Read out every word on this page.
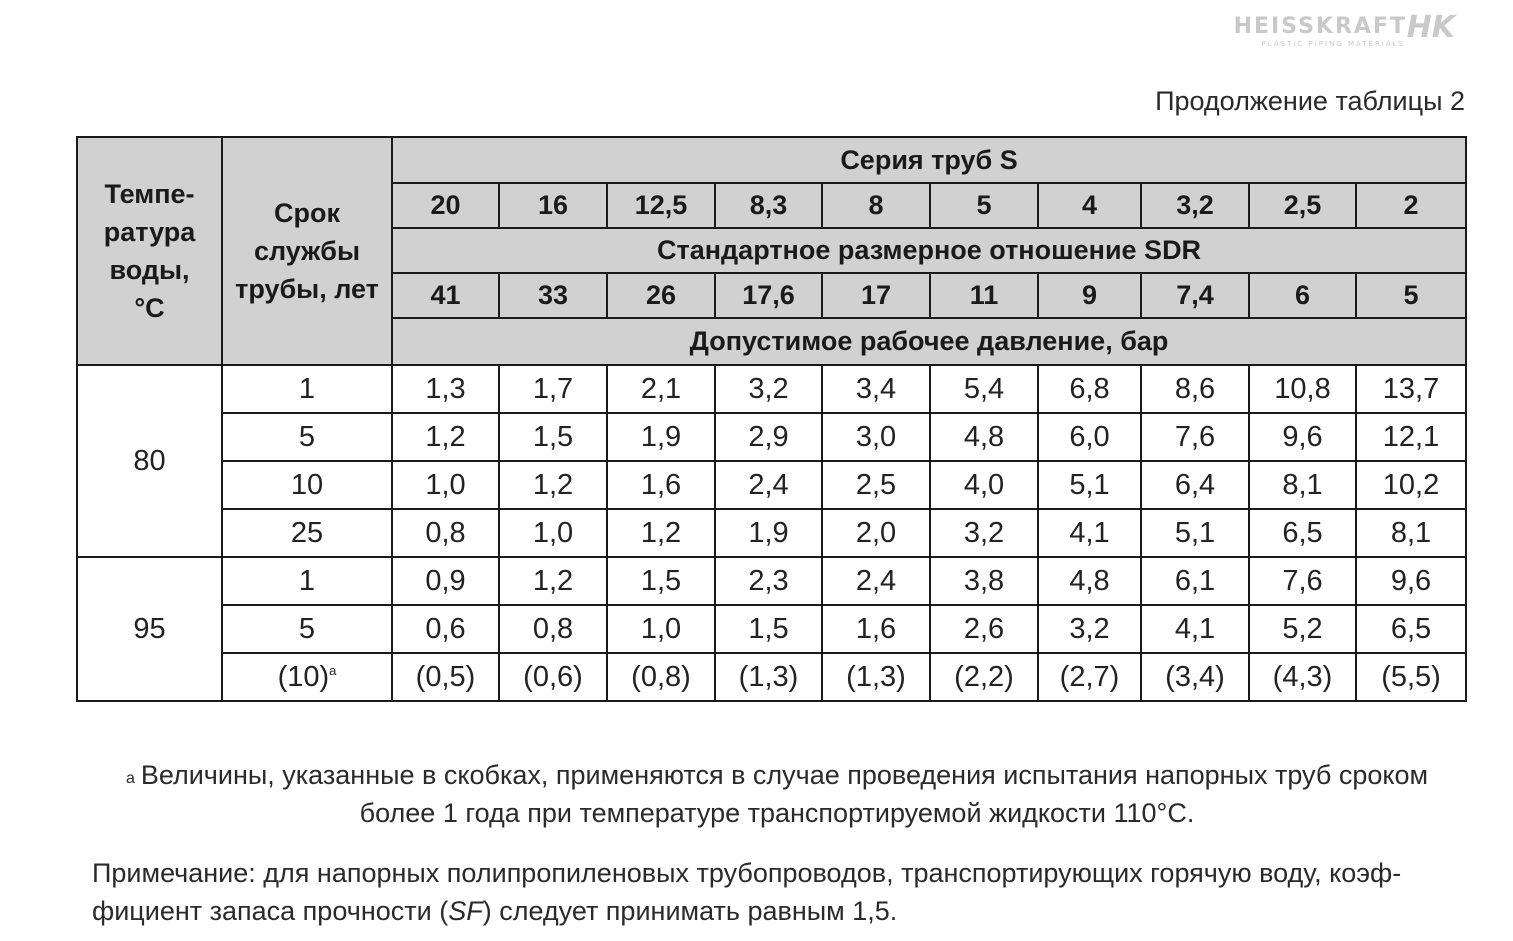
HEISSKRAFT HK
PLASTIC PIPING MATERIALS
Продолжение таблицы 2
Темпе-
ратура
воды,
°С	Срок
службы
трубы, лет	Серия труб S									
		20	16	12,5	8,3	8	5	4	3,2	2,5	2
		Стандартное размерное отношение SDR									
		41	33	26	17,6	17	11	9	7,4	6	5
		Допустимое рабочее давление, бар									
80	1	1,3	1,7	2,1	3,2	3,4	5,4	6,8	8,6	10,8	13,7
	5	1,2	1,5	1,9	2,9	3,0	4,8	6,0	7,6	9,6	12,1
	10	1,0	1,2	1,6	2,4	2,5	4,0	5,1	6,4	8,1	10,2
	25	0,8	1,0	1,2	1,9	2,0	3,2	4,1	5,1	6,5	8,1
95	1	0,9	1,2	1,5	2,3	2,4	3,8	4,8	6,1	7,6	9,6
	5	0,6	0,8	1,0	1,5	1,6	2,6	3,2	4,1	5,2	6,5
	(10)$^a$	(0,5)	(0,6)	(0,8)	(1,3)	(1,3)	(2,2)	(2,7)	(3,4)	(4,3)	(5,5)
$^a$ Величины, указанные в скобках, применяются в случае проведения испытания напорных труб сроком более 1 года при температуре транспортируемой жидкости 110°С.
Примечание: для напорных полипропиленовых трубопроводов, транспортирующих горячую воду, коэф-фициент запаса прочности (SF) следует принимать равным 1,5.
